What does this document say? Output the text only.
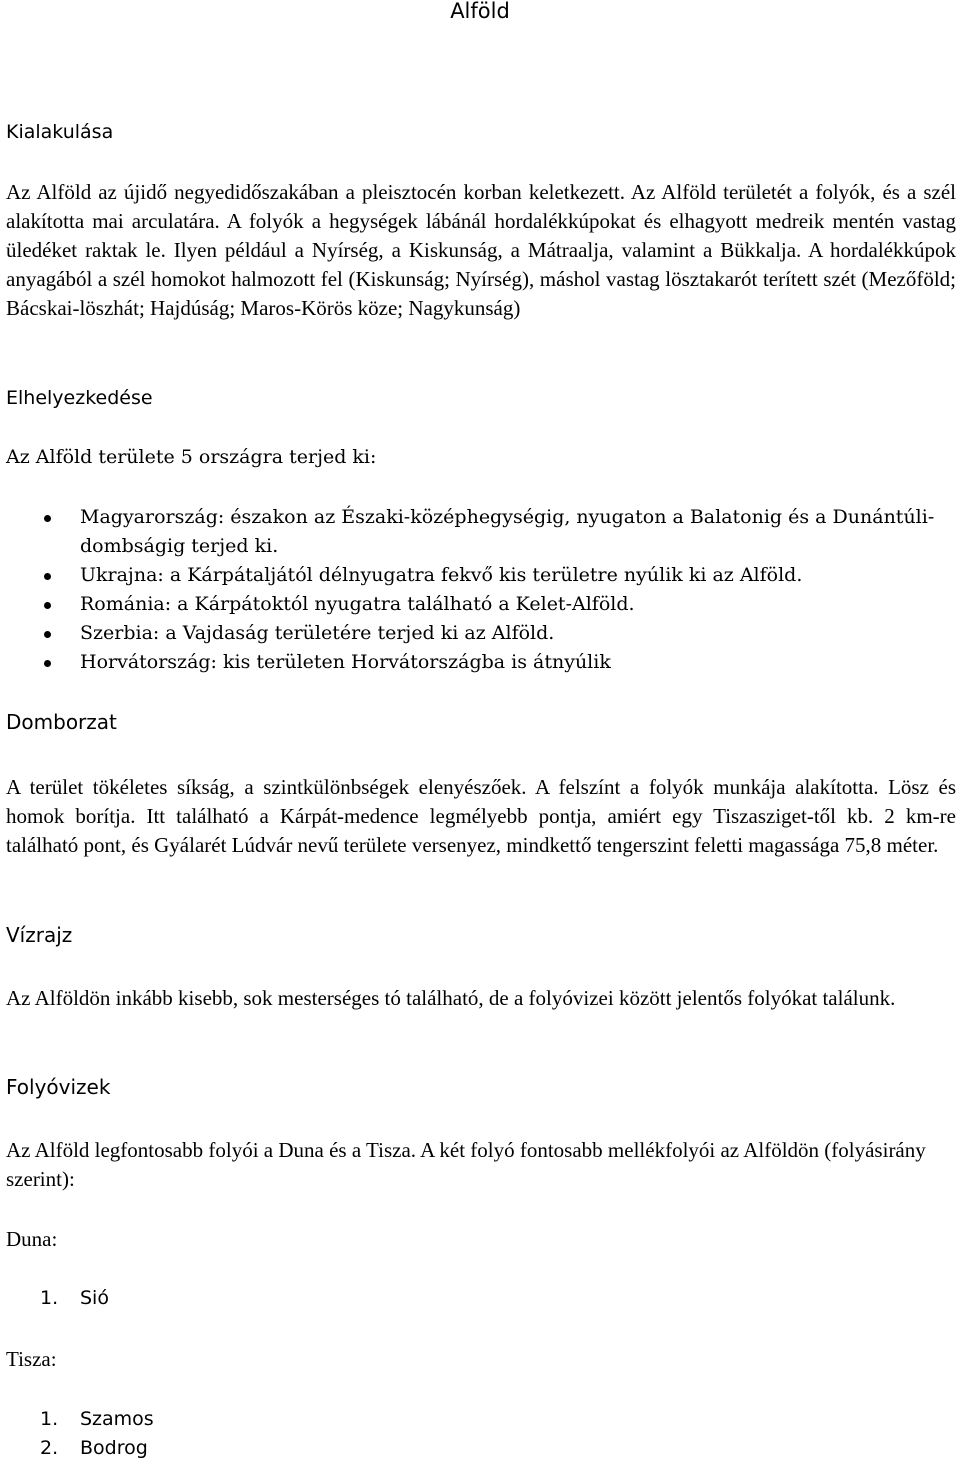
Alföld
Kialakulása

Az Alföld az újidő negyedidőszakában a pleisztocén korban keletkezett. Az Alföld területét a folyók, és a szél alakította mai arculatára. A folyók a hegységek lábánál hordalékkúpokat és elhagyott medreik mentén vastag üledéket raktak le. Ilyen például a Nyírség, a Kiskunság, a Mátraalja, valamint a Bükkalja. A hordalékkúpok anyagából a szél homokot halmozott fel (Kiskunság; Nyírség), máshol vastag lösztakarót terített szét (Mezőföld; Bácskai-löszhát; Hajdúság; Maros-Körös köze; Nagykunság)

Elhelyezkedése

Az Alföld területe 5 országra terjed ki:

Magyarország: északon az Északi-középhegységig, nyugaton a Balatonig és a Dunántúli-dombságig terjed ki.
Ukrajna: a Kárpátaljától délnyugatra fekvő kis területre nyúlik ki az Alföld.
Románia: a Kárpátoktól nyugatra található a Kelet-Alföld.
Szerbia: a Vajdaság területére terjed ki az Alföld.
Horvátország: kis területen Horvátországba is átnyúlik
Domborzat

A terület tökéletes síkság, a szintkülönbségek elenyészőek. A felszínt a folyók munkája alakította. Lösz és homok borítja. Itt található a Kárpát-medence legmélyebb pontja, amiért egy Tiszasziget-től kb. 2 km-re található pont, és Gyálarét Lúdvár nevű területe versenyez, mindkettő tengerszint feletti magassága 75,8 méter.

Vízrajz

Az Alföldön inkább kisebb, sok mesterséges tó található, de a folyóvizei között jelentős folyókat találunk.

Folyóvizek

Az Alföld legfontosabb folyói a Duna és a Tisza. A két folyó fontosabb mellékfolyói az Alföldön (folyásirány szerint):

Duna:

1. Sió

Tisza:

1. Szamos
2. Bodrog
